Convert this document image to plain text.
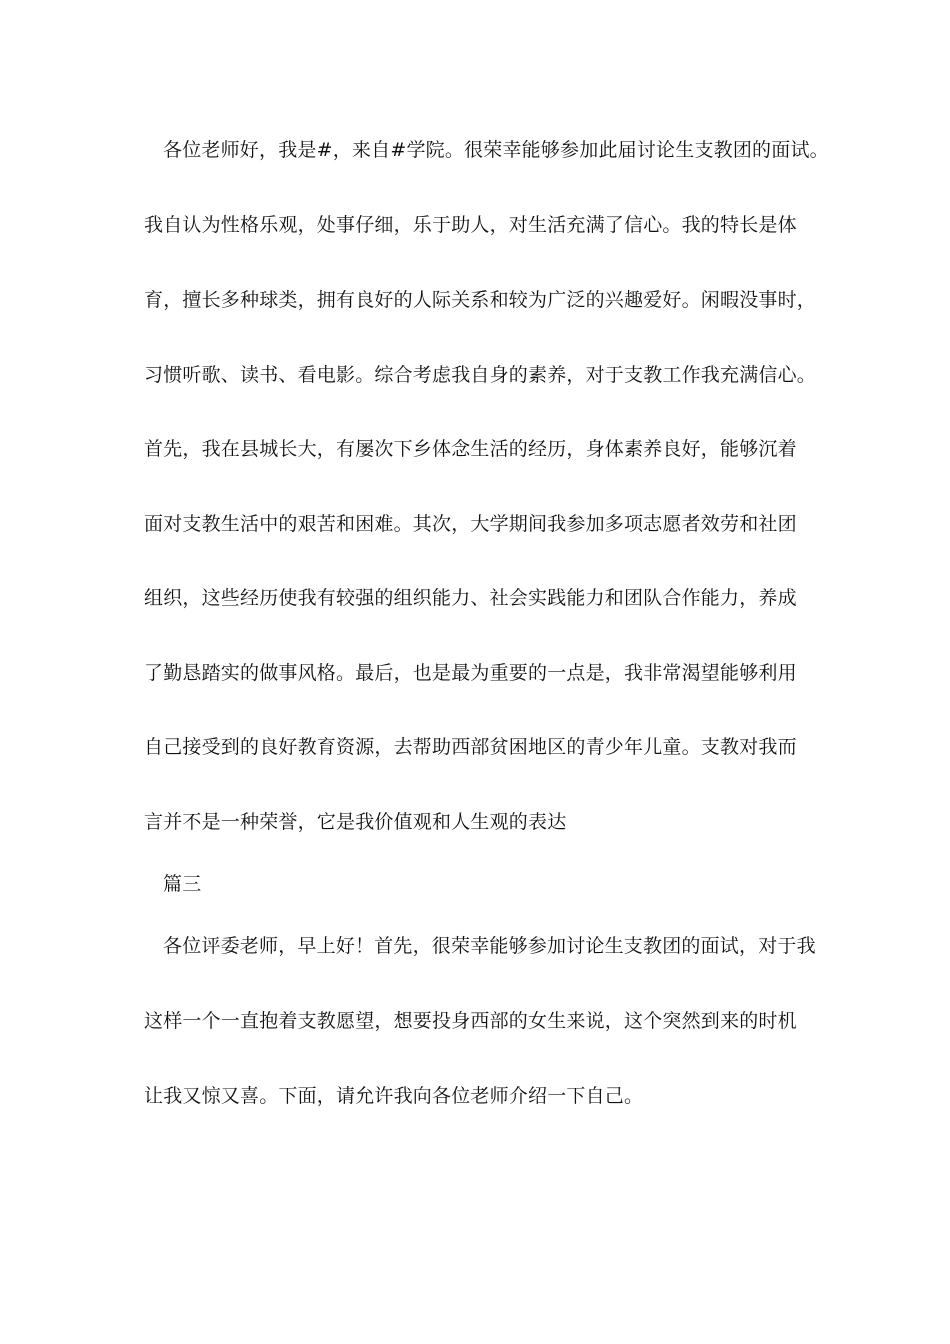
各位老师好，我是#，来自#学院。很荣幸能够参加此届讨论生支教团的面试。
我自认为性格乐观，处事仔细，乐于助人，对生活充满了信心。我的特长是体
育，擅长多种球类，拥有良好的人际关系和较为广泛的兴趣爱好。闲暇没事时，
习惯听歌、读书、看电影。综合考虑我自身的素养，对于支教工作我充满信心。
首先，我在县城长大，有屡次下乡体念生活的经历，身体素养良好，能够沉着
面对支教生活中的艰苦和困难。其次，大学期间我参加多项志愿者效劳和社团
组织，这些经历使我有较强的组织能力、社会实践能力和团队合作能力，养成
了勤恳踏实的做事风格。最后，也是最为重要的一点是，我非常渴望能够利用
自己接受到的良好教育资源，去帮助西部贫困地区的青少年儿童。支教对我而
言并不是一种荣誉，它是我价值观和人生观的表达
篇三
各位评委老师，早上好！首先，很荣幸能够参加讨论生支教团的面试，对于我
这样一个一直抱着支教愿望，想要投身西部的女生来说，这个突然到来的时机
让我又惊又喜。下面，请允许我向各位老师介绍一下自己。
